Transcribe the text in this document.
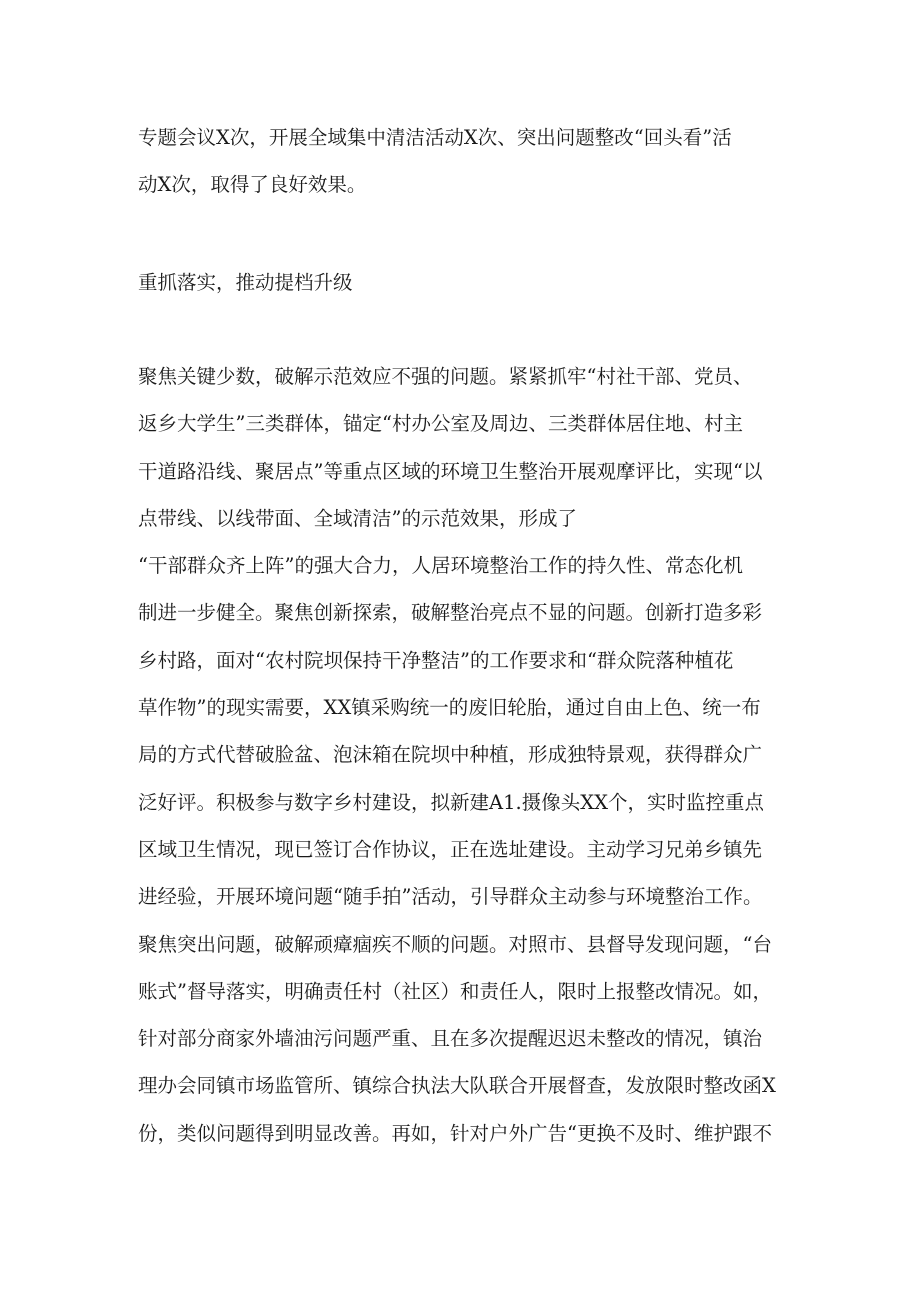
专题会议X次，开展全域集中清洁活动X次、突出问题整改“回头看”活
动X次，取得了良好效果。
重抓落实，推动提档升级
聚焦关键少数，破解示范效应不强的问题。紧紧抓牢“村社干部、党员、
返乡大学生”三类群体，锚定“村办公室及周边、三类群体居住地、村主
干道路沿线、聚居点”等重点区域的环境卫生整治开展观摩评比，实现“以
点带线、以线带面、全域清洁”的示范效果，形成了
“干部群众齐上阵”的强大合力，人居环境整治工作的持久性、常态化机
制进一步健全。聚焦创新探索，破解整治亮点不显的问题。创新打造多彩
乡村路，面对“农村院坝保持干净整洁”的工作要求和“群众院落种植花
草作物”的现实需要，XX镇采购统一的废旧轮胎，通过自由上色、统一布
局的方式代替破脸盆、泡沫箱在院坝中种植，形成独特景观，获得群众广
泛好评。积极参与数字乡村建设，拟新建A1.摄像头XX个，实时监控重点
区域卫生情况，现已签订合作协议，正在选址建设。主动学习兄弟乡镇先
进经验，开展环境问题“随手拍”活动，引导群众主动参与环境整治工作。
聚焦突出问题，破解顽瘴痼疾不顺的问题。对照市、县督导发现问题，“台
账式”督导落实，明确责任村（社区）和责任人，限时上报整改情况。如，
针对部分商家外墙油污问题严重、且在多次提醒迟迟未整改的情况，镇治
理办会同镇市场监管所、镇综合执法大队联合开展督查，发放限时整改函X
份，类似问题得到明显改善。再如，针对户外广告“更换不及时、维护跟不
